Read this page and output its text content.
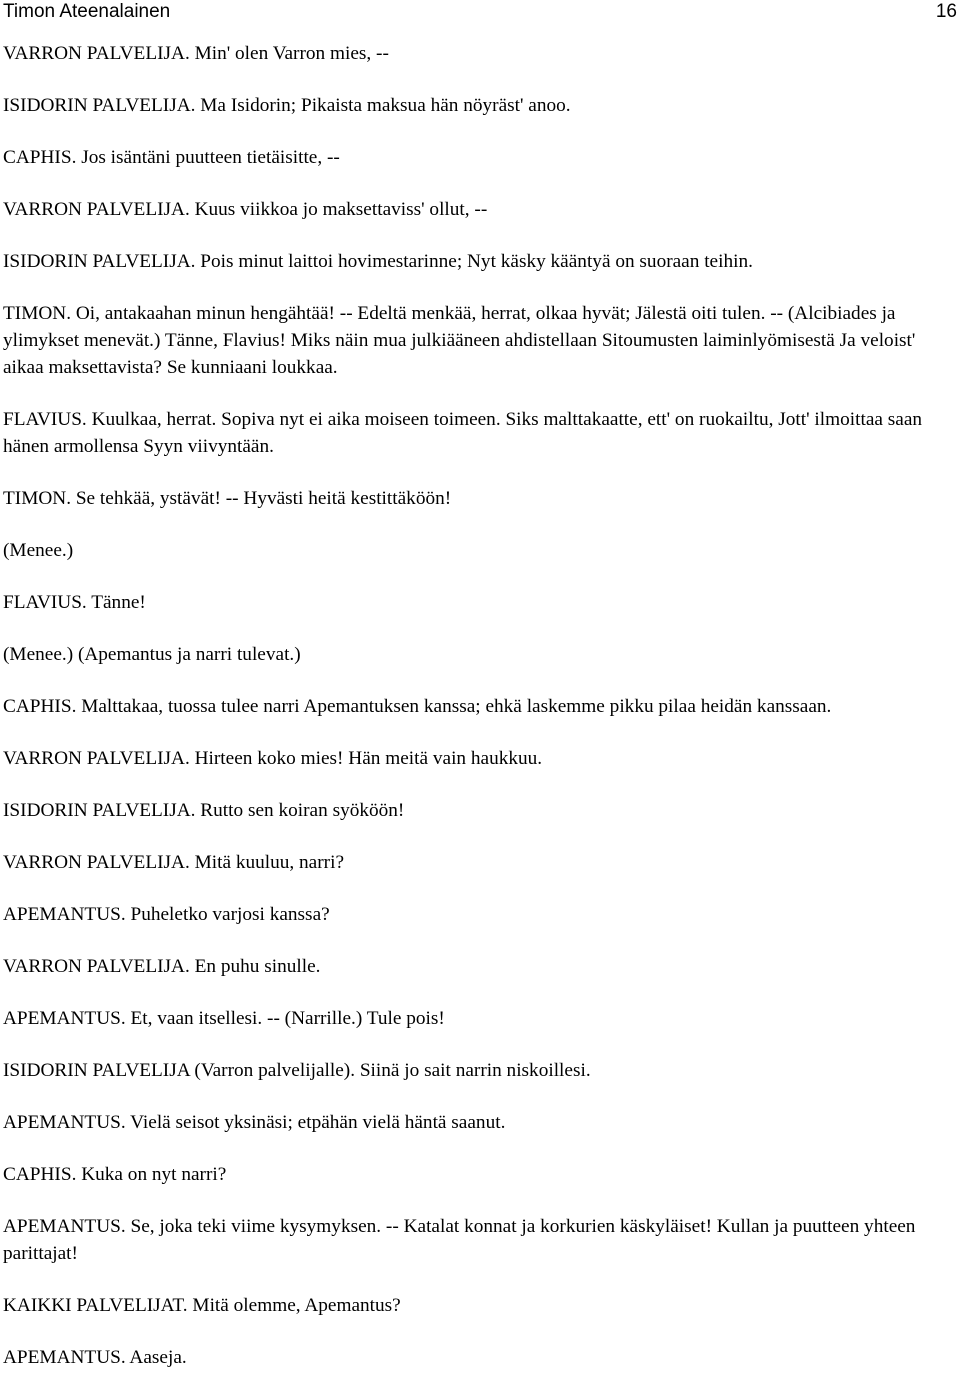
Timon Ateenalainen	16

VARRON PALVELIJA. Min' olen Varron mies, --

ISIDORIN PALVELIJA. Ma Isidorin; Pikaista maksua hän nöyräst' anoo.

CAPHIS. Jos isäntäni puutteen tietäisitte, --

VARRON PALVELIJA. Kuus viikkoa jo maksettaviss' ollut, --

ISIDORIN PALVELIJA. Pois minut laittoi hovimestarinne; Nyt käsky kääntyä on suoraan teihin.

TIMON. Oi, antakaahan minun hengähtää! -- Edeltä menkää, herrat, olkaa hyvät; Jälestä oiti tulen. -- (Alcibiades ja ylimykset menevät.) Tänne, Flavius! Miks näin mua julkiääneen ahdistellaan Sitoumusten laiminlyömisestä Ja veloist' aikaa maksettavista? Se kunniaani loukkaa.

FLAVIUS. Kuulkaa, herrat. Sopiva nyt ei aika moiseen toimeen. Siks malttakaatte, ett' on ruokailtu, Jott' ilmoittaa saan hänen armollensa Syyn viivyntään.

TIMON. Se tehkää, ystävät! -- Hyvästi heitä kestittäköön!

(Menee.)

FLAVIUS. Tänne!

(Menee.) (Apemantus ja narri tulevat.)

CAPHIS. Malttakaa, tuossa tulee narri Apemantuksen kanssa; ehkä laskemme pikku pilaa heidän kanssaan.

VARRON PALVELIJA. Hirteen koko mies! Hän meitä vain haukkuu.

ISIDORIN PALVELIJA. Rutto sen koiran syököön!

VARRON PALVELIJA. Mitä kuuluu, narri?

APEMANTUS. Puheletko varjosi kanssa?

VARRON PALVELIJA. En puhu sinulle.

APEMANTUS. Et, vaan itsellesi. -- (Narrille.) Tule pois!

ISIDORIN PALVELIJA (Varron palvelijalle). Siinä jo sait narrin niskoillesi.

APEMANTUS. Vielä seisot yksinäsi; etpähän vielä häntä saanut.

CAPHIS. Kuka on nyt narri?

APEMANTUS. Se, joka teki viime kysymyksen. -- Katalat konnat ja korkurien käskyläiset! Kullan ja puutteen yhteen parittajat!

KAIKKI PALVELIJAT. Mitä olemme, Apemantus?

APEMANTUS. Aaseja.
